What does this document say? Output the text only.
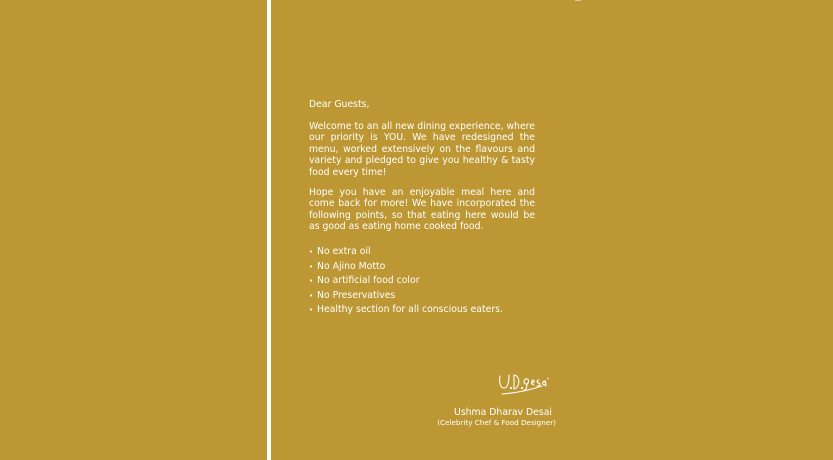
Dear Guests,

Welcome to an all new dining experience, where our priority is YOU. We have redesigned the menu, worked extensively on the flavours and variety and pledged to give you healthy & tasty food every time!

Hope you have an enjoyable meal here and come back for more! We have incorporated the following points, so that eating here would be as good as eating home cooked food.

• No extra oil
• No Ajino Motto
• No artificial food color
• No Preservatives
• Healthy section for all conscious eaters.
Ushma Dharav Desai
(Celebrity Chef & Food Designer)
